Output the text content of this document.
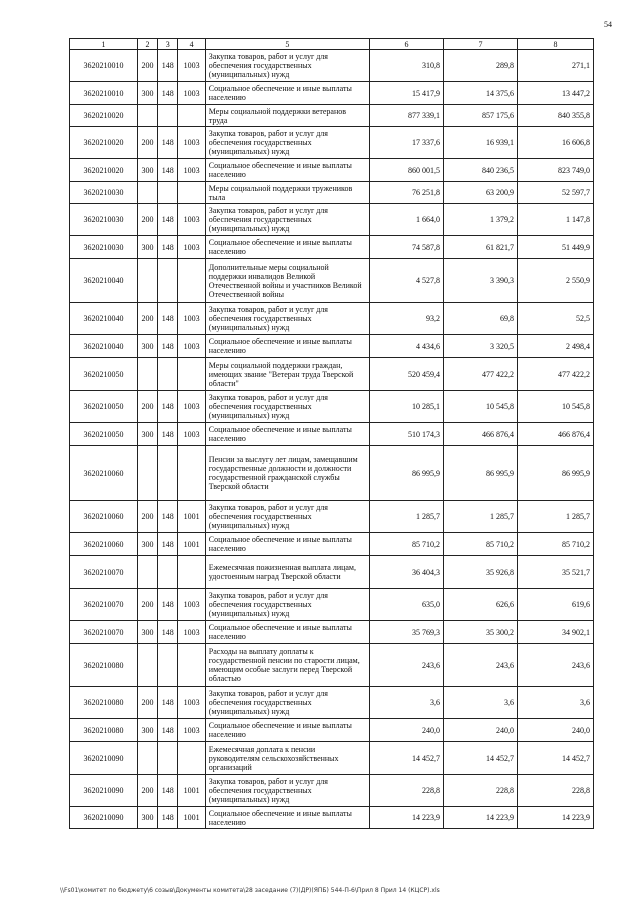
54
1	2	3	4	5	6	7	8
3620210010	200	148	1003	Закупка товаров, работ и услуг для обеспечения государственных (муниципальных) нужд	310,8	289,8	271,1
3620210010	300	148	1003	Социальное обеспечение и иные выплаты населению	15 417,9	14 375,6	13 447,2
3620210020				Меры социальной поддержки ветеранов труда	877 339,1	857 175,6	840 355,8
3620210020	200	148	1003	Закупка товаров, работ и услуг для обеспечения государственных (муниципальных) нужд	17 337,6	16 939,1	16 606,8
3620210020	300	148	1003	Социальное обеспечение и иные выплаты населению	860 001,5	840 236,5	823 749,0
3620210030				Меры социальной поддержки тружеников тыла	76 251,8	63 200,9	52 597,7
3620210030	200	148	1003	Закупка товаров, работ и услуг для обеспечения государственных (муниципальных) нужд	1 664,0	1 379,2	1 147,8
3620210030	300	148	1003	Социальное обеспечение и иные выплаты населению	74 587,8	61 821,7	51 449,9
3620210040				Дополнительные меры социальной поддержки инвалидов Великой Отечественной войны и участников Великой Отечественной войны	4 527,8	3 390,3	2 550,9
3620210040	200	148	1003	Закупка товаров, работ и услуг для обеспечения государственных (муниципальных) нужд	93,2	69,8	52,5
3620210040	300	148	1003	Социальное обеспечение и иные выплаты населению	4 434,6	3 320,5	2 498,4
3620210050				Меры социальной поддержки граждан, имеющих звание "Ветеран труда Тверской области"	520 459,4	477 422,2	477 422,2
3620210050	200	148	1003	Закупка товаров, работ и услуг для обеспечения государственных (муниципальных) нужд	10 285,1	10 545,8	10 545,8
3620210050	300	148	1003	Социальное обеспечение и иные выплаты населению	510 174,3	466 876,4	466 876,4
3620210060				Пенсии за выслугу лет лицам, замещавшим государственные должности и должности государственной гражданской службы Тверской области	86 995,9	86 995,9	86 995,9
3620210060	200	148	1001	Закупка товаров, работ и услуг для обеспечения государственных (муниципальных) нужд	1 285,7	1 285,7	1 285,7
3620210060	300	148	1001	Социальное обеспечение и иные выплаты населению	85 710,2	85 710,2	85 710,2
3620210070				Ежемесячная пожизненная выплата лицам, удостоенным наград Тверской области	36 404,3	35 926,8	35 521,7
3620210070	200	148	1003	Закупка товаров, работ и услуг для обеспечения государственных (муниципальных) нужд	635,0	626,6	619,6
3620210070	300	148	1003	Социальное обеспечение и иные выплаты населению	35 769,3	35 300,2	34 902,1
3620210080				Расходы на выплату доплаты к государственной пенсии по старости лицам, имеющим особые заслуги перед Тверской областью	243,6	243,6	243,6
3620210080	200	148	1003	Закупка товаров, работ и услуг для обеспечения государственных (муниципальных) нужд	3,6	3,6	3,6
3620210080	300	148	1003	Социальное обеспечение и иные выплаты населению	240,0	240,0	240,0
3620210090				Ежемесячная доплата к пенсии руководителям сельскохозяйственных организаций	14 452,7	14 452,7	14 452,7
3620210090	200	148	1001	Закупка товаров, работ и услуг для обеспечения государственных (муниципальных) нужд	228,8	228,8	228,8
3620210090	300	148	1001	Социальное обеспечение и иные выплаты населению	14 223,9	14 223,9	14 223,9
\\Fs01\комитет по бюджету\6 созыв\Документы комитета\28 заседание (7)(ДР)(ЯПБ) 544-П-6\Прил 8 Прил 14 (КЦСР).xls
